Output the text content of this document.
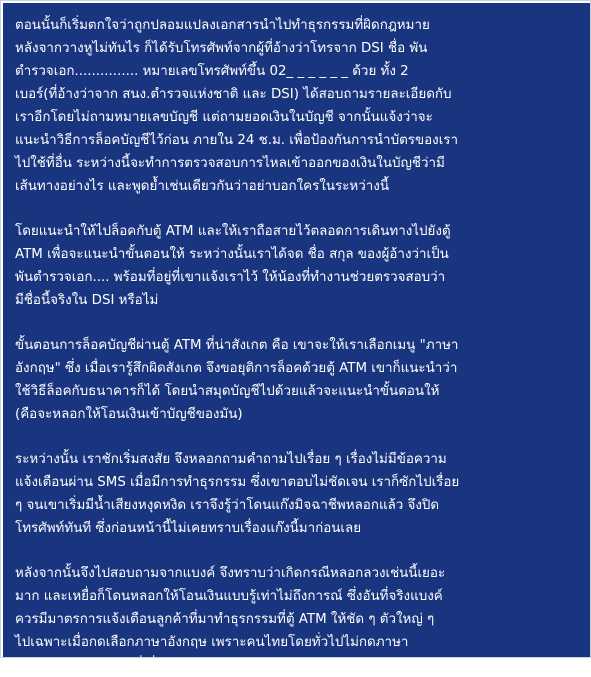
ตอนนั้นก็เริ่มตกใจว่าถูกปลอมแปลงเอกสารนำไปทำธุรกรรมที่ผิดกฎหมาย
หลังจากวางหูไม่ทันไร ก็ได้รับโทรศัพท์จากผู้ที่อ้างว่าโทรจาก DSI ชื่อ พัน
ตำรวจเอก............... หมายเลขโทรศัพท์ขึ้น 02_ _ _ _ _ _ ด้วย ทั้ง 2
เบอร์(ที่อ้างว่าจาก สนง.ตำรวจแห่งชาติ และ DSI) ได้สอบถามรายละเอียดกับ
เราอีกโดยไม่ถามหมายเลขบัญชี แต่ถามยอดเงินในบัญชี จากนั้นแจ้งว่าจะ
แนะนำวิธีการล็อคบัญชีไว้ก่อน ภายใน 24 ช.ม. เพื่อป้องกันการนำบัตรของเรา
ไปใช้ที่อื่น ระหว่างนี้จะทำการตรวจสอบการไหลเข้าออกของเงินในบัญชีว่ามี
เส้นทางอย่างไร และพูดย้ำเช่นเดียวกันว่าอย่าบอกใครในระหว่างนี้

โดยแนะนำให้ไปล็อคกับตู้ ATM และให้เราถือสายไว้ตลอดการเดินทางไปยังตู้
ATM เพื่อจะแนะนำขั้นตอนให้ ระหว่างนั้นเราได้จด ชื่อ สกุล ของผู้อ้างว่าเป็น
พันตำรวจเอก.... พร้อมที่อยู่ที่เขาแจ้งเราไว้ ให้น้องที่ทำงานช่วยตรวจสอบว่า
มีชื่อนี้จริงใน DSI หรือไม่

ขั้นตอนการล็อคบัญชีผ่านตู้ ATM ที่น่าสังเกต คือ เขาจะให้เราเลือกเมนู "ภาษา
อังกฤษ" ซึ่ง เมื่อเรารู้สึกผิดสังเกต จึงขอยุติการล็อคด้วยตู้ ATM เขาก็แนะนำว่า
ใช้วิธีล็อคกับธนาคารก็ได้ โดยนำสมุดบัญชีไปด้วยแล้วจะแนะนำขั้นตอนให้
(คือจะหลอกให้โอนเงินเข้าบัญชีของมัน)

ระหว่างนั้น เราชักเริ่มสงสัย จึงหลอกถามคำถามไปเรื่อย ๆ เรื่องไม่มีข้อความ
แจ้งเตือนผ่าน SMS เมื่อมีการทำธุรกรรม ซึ่งเขาตอบไม่ชัดเจน เราก็ซักไปเรื่อย
ๆ จนเขาเริ่มมีน้ำเสียงหงุดหงิด เราจึงรู้ว่าโดนแก๊งมิจฉาชีพหลอกแล้ว จึงปิด
โทรศัพท์ทันที ซึ่งก่อนหน้านี้ไม่เคยทราบเรื่องแก๊งนี้มาก่อนเลย

หลังจากนั้นจึงไปสอบถามจากแบงค์ จึงทราบว่าเกิดกรณีหลอกลวงเช่นนี้เยอะ
มาก และเหยื่อก็โดนหลอกให้โอนเงินแบบรู้เท่าไม่ถึงการณ์ ซึ่งอันที่จริงแบงค์
ควรมีมาตรการแจ้งเตือนลูกค้าที่มาทำธุรกรรมที่ตู้ ATM ให้ชัด ๆ ตัวใหญ่ ๆ
ไปเฉพาะเมื่อกดเลือกภาษาอังกฤษ เพราะคนไทยโดยทั่วไปไม่กดภาษา
อังกฤษแน่ ๆ จึงฝากผู้ที่เกี่ยวข้องช่วยดำเนินการด้วย
